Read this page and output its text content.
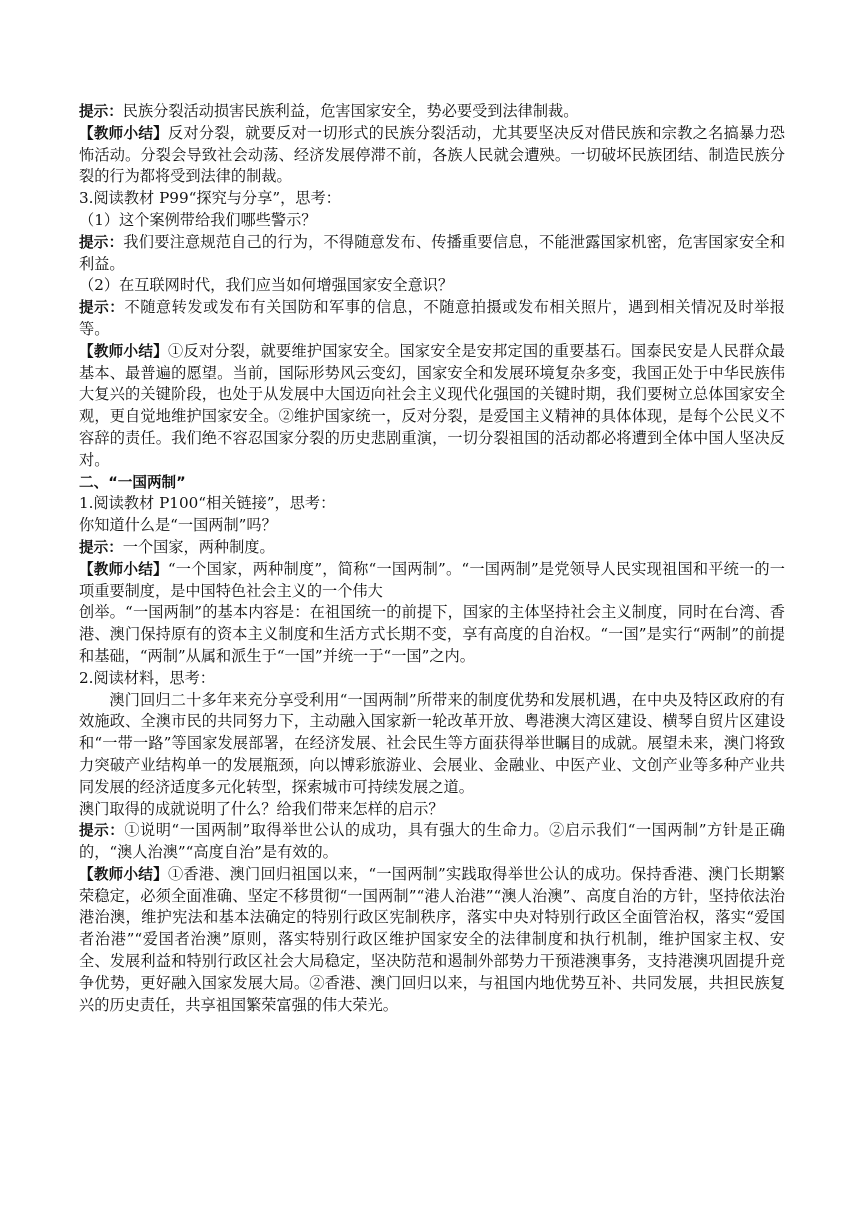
提示：民族分裂活动损害民族利益，危害国家安全，势必要受到法律制裁。

【教师小结】反对分裂，就要反对一切形式的民族分裂活动，尤其要坚决反对借民族和宗教之名搞暴力恐怖活动。分裂会导致社会动荡、经济发展停滞不前，各族人民就会遭殃。一切破坏民族团结、制造民族分裂的行为都将受到法律的制裁。

3.阅读教材 P99“探究与分享”，思考：

（1）这个案例带给我们哪些警示？

提示：我们要注意规范自己的行为，不得随意发布、传播重要信息，不能泄露国家机密，危害国家安全和利益。

（2）在互联网时代，我们应当如何增强国家安全意识？

提示：不随意转发或发布有关国防和军事的信息，不随意拍摄或发布相关照片，遇到相关情况及时举报等。

【教师小结】①反对分裂，就要维护国家安全。国家安全是安邦定国的重要基石。国泰民安是人民群众最基本、最普遍的愿望。当前，国际形势风云变幻，国家安全和发展环境复杂多变，我国正处于中华民族伟大复兴的关键阶段，也处于从发展中大国迈向社会主义现代化强国的关键时期，我们要树立总体国家安全观，更自觉地维护国家安全。②维护国家统一，反对分裂，是爱国主义精神的具体体现，是每个公民义不容辞的责任。我们绝不容忍国家分裂的历史悲剧重演，一切分裂祖国的活动都必将遭到全体中国人坚决反对。

二、“一国两制”

1.阅读教材 P100“相关链接”，思考：

你知道什么是“一国两制”吗？

提示：一个国家，两种制度。

【教师小结】“一个国家，两种制度”，简称“一国两制”。“一国两制”是党领导人民实现祖国和平统一的一项重要制度，是中国特色社会主义的一个伟大

创举。“一国两制”的基本内容是：在祖国统一的前提下，国家的主体坚持社会主义制度，同时在台湾、香港、澳门保持原有的资本主义制度和生活方式长期不变，享有高度的自治权。“一国”是实行“两制”的前提和基础，“两制”从属和派生于“一国”并统一于“一国”之内。

2.阅读材料，思考：

澳门回归二十多年来充分享受利用“一国两制”所带来的制度优势和发展机遇，在中央及特区政府的有效施政、全澳市民的共同努力下，主动融入国家新一轮改革开放、粤港澳大湾区建设、横琴自贸片区建设和“一带一路”等国家发展部署，在经济发展、社会民生等方面获得举世瞩目的成就。展望未来，澳门将致力突破产业结构单一的发展瓶颈，向以博彩旅游业、会展业、金融业、中医产业、文创产业等多种产业共同发展的经济适度多元化转型，探索城市可持续发展之道。

澳门取得的成就说明了什么？给我们带来怎样的启示？

提示：①说明“一国两制”取得举世公认的成功，具有强大的生命力。②启示我们“一国两制”方针是正确的，“澳人治澳”“高度自治”是有效的。

【教师小结】①香港、澳门回归祖国以来，“一国两制”实践取得举世公认的成功。保持香港、澳门长期繁荣稳定，必须全面准确、坚定不移贯彻“一国两制”“港人治港”“澳人治澳”、高度自治的方针，坚持依法治港治澳，维护宪法和基本法确定的特别行政区宪制秩序，落实中央对特别行政区全面管治权，落实“爱国者治港”“爱国者治澳”原则，落实特别行政区维护国家安全的法律制度和执行机制，维护国家主权、安全、发展利益和特别行政区社会大局稳定，坚决防范和遏制外部势力干预港澳事务，支持港澳巩固提升竞争优势，更好融入国家发展大局。②香港、澳门回归以来，与祖国内地优势互补、共同发展，共担民族复兴的历史责任，共享祖国繁荣富强的伟大荣光。
